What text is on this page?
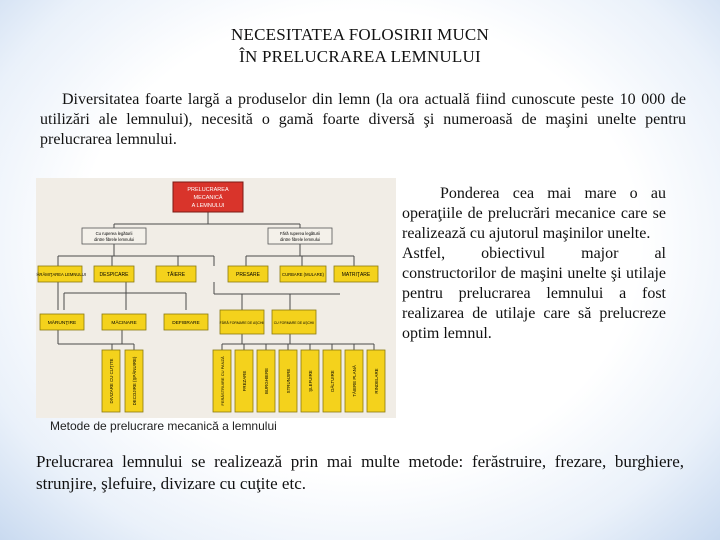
NECESITATEA FOLOSIRII MUCN
ÎN PRELUCRAREA LEMNULUI
Diversitatea foarte largă a produselor din lemn (la ora actuală fiind cunoscute peste 10 000 de utilizări ale lemnului), necesită o gamă foarte diversă şi numeroasă de maşini unelte pentru prelucrarea lemnului.
PRELUCRAREA
MECANICĂ
A LEMNULUI
Cu ruperea legăturii
dintre fibrele lemnului
Fără ruperea legăturii
dintre fibrele lemnului
FĂRÂMIŢAREA LEMNULUI	DESPICARE	TĂIERE	PRESARE	CURBARE (MULARE)	MATRIŢARE
MĂRUNŢIRE	MĂCINARE	DEFIBRARE	FĂRĂ FORMARE DE AŞCHII	CU FORMARE DE AŞCHII
DIVIZARE CU CUŢITE	DECOJIRE (ŞPĂNUIRE)	FERĂSTRUIRE CU PANZĂ	FREZARE	BURGHIERE	STRUNJIRE	ŞLEFUIRE	DĂLTUIRE	TĂIERE PLANĂ	RINDELARE

Ponderea cea mai mare o au operaţiile de prelucrări mecanice care se realizează cu ajutorul maşinilor unelte.

Astfel, obiectivul major al constructorilor de maşini unelte şi utilaje pentru prelucrarea lemnului a fost realizarea de utilaje care să prelucreze optim lemnul.

Metode de prelucrare mecanică a lemnului
Prelucrarea lemnului se realizează prin mai multe metode: ferăstruire, frezare, burghiere, strunjire, şlefuire, divizare cu cuţite etc.
